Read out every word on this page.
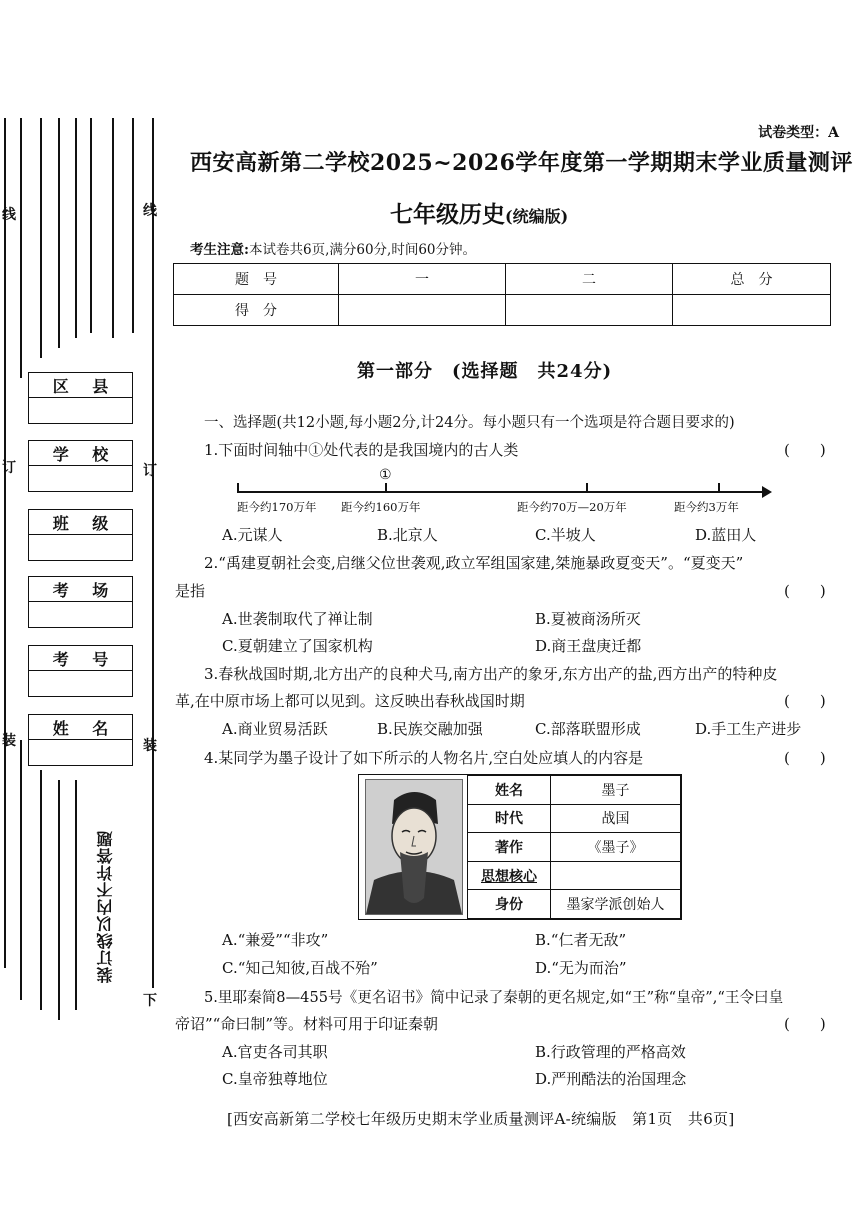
线	线
订	订
装	装
下
区 县
学 校
班 级
考 场
考 号
姓 名
装订线以内不许答题
试卷类型：A
西安高新第二学校2025~2026学年度第一学期期末学业质量测评
七年级历史(统编版)
考生注意:本试卷共6页,满分60分,时间60分钟。
题　号	一	二	总　分
得　分			
第一部分　(选择题　共24分)
一、选择题(共12小题,每小题2分,计24分。每小题只有一个选项是符合题目要求的)
1.下面时间轴中①处代表的是我国境内的古人类	(　　)
①
距今约170万年 距今约160万年	距今约70万—20万年	距今约3万年
A.元谋人	B.北京人	C.半坡人	D.蓝田人
2.“禹建夏朝社会变,启继父位世袭观,政立军组国家建,桀施暴政夏变天”。“夏变天”
是指	(　　)
A.世袭制取代了禅让制	B.夏被商汤所灭
C.夏朝建立了国家机构	D.商王盘庚迁都
3.春秋战国时期,北方出产的良种犬马,南方出产的象牙,东方出产的盐,西方出产的特种皮
革,在中原市场上都可以见到。这反映出春秋战国时期	(　　)
A.商业贸易活跃	B.民族交融加强	C.部落联盟形成	D.手工生产进步
4.某同学为墨子设计了如下所示的人物名片,空白处应填人的内容是	(　　)
姓名	墨子
时代	战国
著作	《墨子》
思想核心	
身份	墨家学派创始人
A.“兼爱”“非攻”	B.“仁者无敌”
C.“知己知彼,百战不殆”	D.“无为而治”
5.里耶秦简8—455号《更名诏书》简中记录了秦朝的更名规定,如“王”称“皇帝”,“王令曰皇
帝诏”“命曰制”等。材料可用于印证秦朝	(　　)
A.官吏各司其职	B.行政管理的严格高效
C.皇帝独尊地位	D.严刑酷法的治国理念
[西安高新第二学校七年级历史期末学业质量测评A-统编版　第1页　共6页]
